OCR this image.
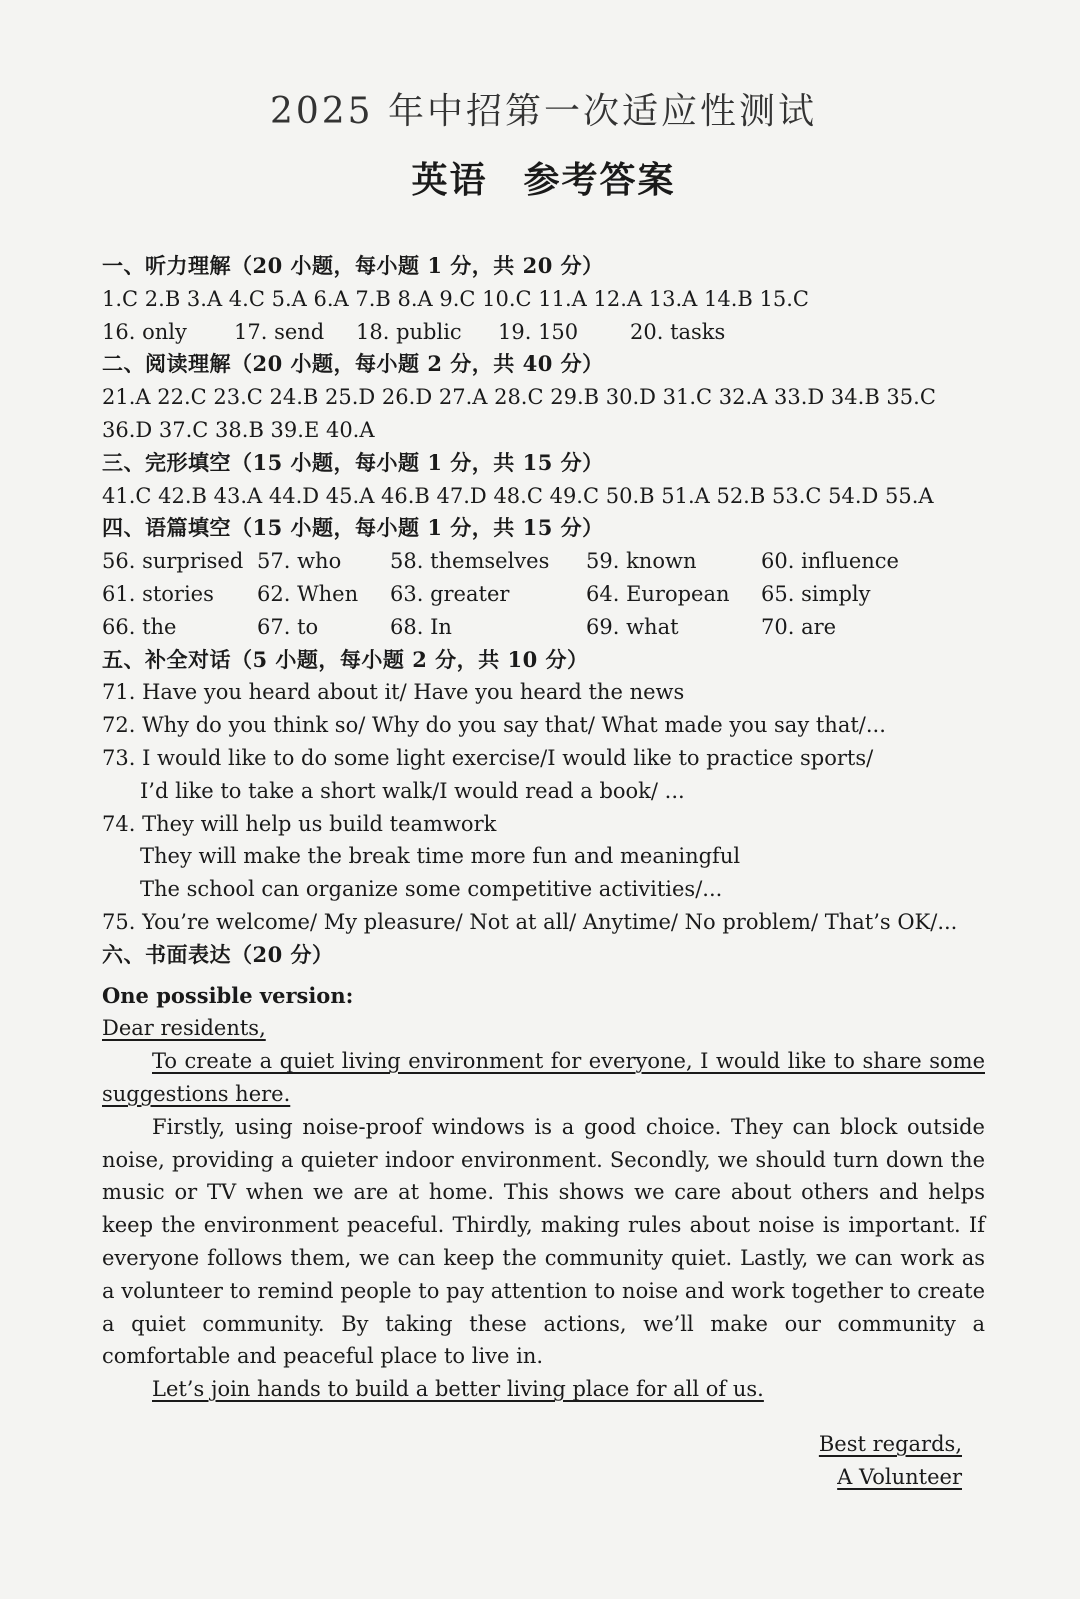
2025 年中招第一次适应性测试
英语 参考答案
一、听力理解（20 小题，每小题 1 分，共 20 分）
1.C 2.B 3.A 4.C 5.A 6.A 7.B 8.A 9.C 10.C 11.A 12.A 13.A 14.B 15.C
16. only	17. send	18. public	19. 150	20. tasks
二、阅读理解（20 小题，每小题 2 分，共 40 分）
21.A 22.C 23.C 24.B 25.D 26.D 27.A 28.C 29.B 30.D 31.C 32.A 33.D 34.B 35.C
36.D 37.C 38.B 39.E 40.A
三、完形填空（15 小题，每小题 1 分，共 15 分）
41.C 42.B 43.A 44.D 45.A 46.B 47.D 48.C 49.C 50.B 51.A 52.B 53.C 54.D 55.A
四、语篇填空（15 小题，每小题 1 分，共 15 分）
56. surprised 57. who	58. themselves	59. known	60. influence
61. stories	62. When	63. greater	64. European	65. simply
66. the	67. to	68. In	69. what	70. are
五、补全对话（5 小题，每小题 2 分，共 10 分）
71. Have you heard about it/ Have you heard the news
72. Why do you think so/ Why do you say that/ What made you say that/...
73. I would like to do some light exercise/I would like to practice sports/
I’d like to take a short walk/I would read a book/ ...
74. They will help us build teamwork
They will make the break time more fun and meaningful
The school can organize some competitive activities/...
75. You’re welcome/ My pleasure/ Not at all/ Anytime/ No problem/ That’s OK/...
六、书面表达（20 分）
One possible version:
Dear residents,

To create a quiet living environment for everyone, I would like to share some suggestions here.

Firstly, using noise-proof windows is a good choice. They can block outside noise, providing a quieter indoor environment. Secondly, we should turn down the music or TV when we are at home. This shows we care about others and helps keep the environment peaceful. Thirdly, making rules about noise is important. If everyone follows them, we can keep the community quiet. Lastly, we can work as a volunteer to remind people to pay attention to noise and work together to create a quiet community. By taking these actions, we’ll make our community a comfortable and peaceful place to live in.

Let’s join hands to build a better living place for all of us.

Best regards,
A Volunteer
